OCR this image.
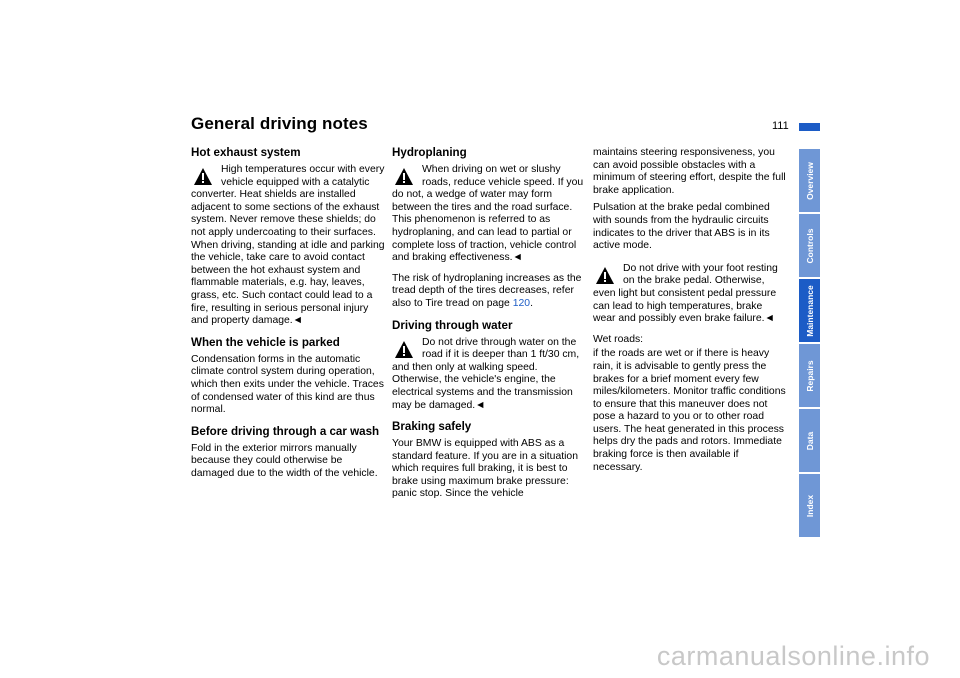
General driving notes	111
Hot exhaust system
High temperatures occur with every vehicle equipped with a catalytic converter. Heat shields are installed adjacent to some sections of the exhaust system. Never remove these shields; do not apply undercoating to their surfaces. When driving, standing at idle and parking the vehicle, take care to avoid contact between the hot exhaust system and flammable materials, e.g. hay, leaves, grass, etc. Such contact could lead to a fire, resulting in serious personal injury and property damage.◄
When the vehicle is parked

Condensation forms in the automatic climate control system during operation, which then exits under the vehicle. Traces of condensed water of this kind are thus normal.

Before driving through a car wash

Fold in the exterior mirrors manually because they could otherwise be damaged due to the width of the vehicle.

Hydroplaning
When driving on wet or slushy roads, reduce vehicle speed. If you do not, a wedge of water may form between the tires and the road surface. This phenomenon is referred to as hydroplaning, and can lead to partial or complete loss of traction, vehicle control and braking effectiveness.◄

The risk of hydroplaning increases as the tread depth of the tires decreases, refer also to Tire tread on page 120.

Driving through water
Do not drive through water on the road if it is deeper than 1 ft/30 cm, and then only at walking speed. Otherwise, the vehicle's engine, the electrical systems and the transmission may be damaged.◄
Braking safely

Your BMW is equipped with ABS as a standard feature. If you are in a situation which requires full braking, it is best to brake using maximum brake pressure: panic stop. Since the vehicle

maintains steering responsiveness, you can avoid possible obstacles with a minimum of steering effort, despite the full brake application.

Pulsation at the brake pedal combined with sounds from the hydraulic circuits indicates to the driver that ABS is in its active mode.

Do not drive with your foot resting on the brake pedal. Otherwise, even light but consistent pedal pressure can lead to high temperatures, brake wear and possibly even brake failure.◄

Wet roads:

if the roads are wet or if there is heavy rain, it is advisable to gently press the brakes for a brief moment every few miles/kilometers. Monitor traffic conditions to ensure that this maneuver does not pose a hazard to you or to other road users. The heat generated in this process helps dry the pads and rotors. Immediate braking force is then available if necessary.

Overview
Controls
Maintenance
Repairs
Data
Index
carmanualsonline.info
